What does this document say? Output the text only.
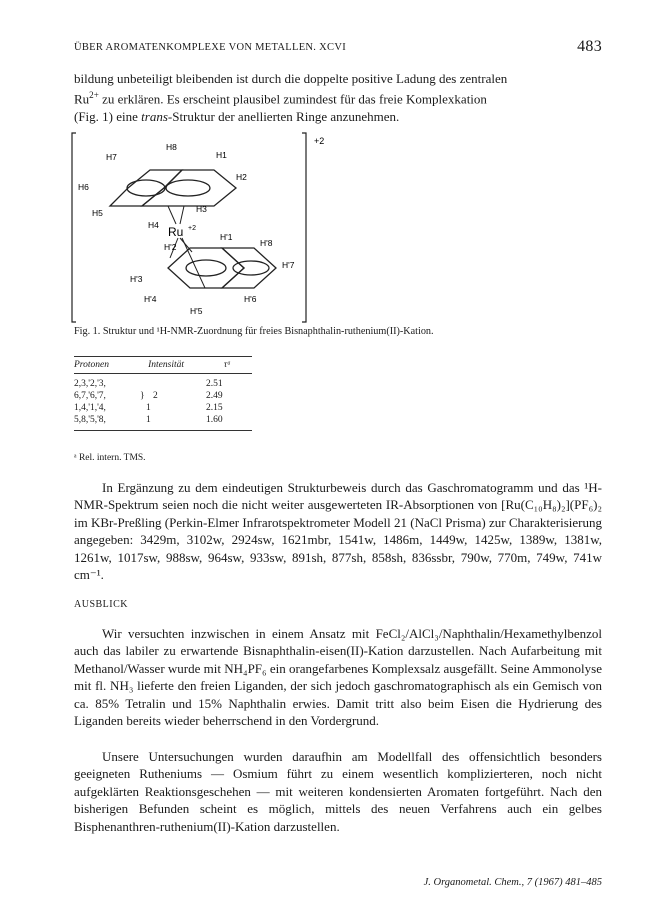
ÜBER AROMATENKOMPLEXE VON METALLEN. XCVI	483
bildung unbeteiligt bleibenden ist durch die doppelte positive Ladung des zentralen
$Ru^{2+}$ zu erklären. Es erscheint plausibel zumindest für das freie Komplexkation
(Fig. 1) eine trans-Struktur der anellierten Ringe anzunehmen.
+2
Ru +2
H8
H7	H1
H6
H2
H5
H4
H3
H'2
H'1
H'8
H'7
H'3
H'4	H'6
H'5
Fig. 1. Struktur und ¹H-NMR-Zuordnung für freies Bisnaphthalin-ruthenium(II)-Kation.
Protonen	Intensität	τᵃ
2,3,'2,'3,		2.51
6,7,'6,'7,	} 2	2.49
1,4,'1,'4,	1	2.15
5,8,'5,'8,	1	1.60
ᵃ Rel. intern. TMS.

In Ergänzung zu dem eindeutigen Strukturbeweis durch das Gaschromatogramm und das ¹H-NMR-Spektrum seien noch die nicht weiter ausgewerteten IR-Absorptionen von [Ru(C₁₀H₈)₂](PF₆)₂ im KBr-Preßling (Perkin-Elmer Infrarotspektrometer Modell 21 (NaCl Prisma) zur Charakterisierung angegeben: 3429m, 3102w, 2924sw, 1621mbr, 1541w, 1486m, 1449w, 1425w, 1389w, 1381w, 1261w, 1017sw, 988sw, 964sw, 933sw, 891sh, 877sh, 858sh, 836ssbr, 790w, 770m, 749w, 741w cm⁻¹.

AUSBLICK

Wir versuchten inzwischen in einem Ansatz mit FeCl₂/AlCl₃/Naphthalin/Hexamethylbenzol auch das labiler zu erwartende Bisnaphthalin-eisen(II)-Kation darzustellen. Nach Aufarbeitung mit Methanol/Wasser wurde mit NH₄PF₆ ein orangefarbenes Komplexsalz ausgefällt. Seine Ammonolyse mit fl. NH₃ lieferte den freien Liganden, der sich jedoch gaschromatographisch als ein Gemisch von ca. 85% Tetralin und 15% Naphthalin erwies. Damit tritt also beim Eisen die Hydrierung des Liganden bereits wieder beherrschend in den Vordergrund.

Unsere Untersuchungen wurden daraufhin am Modellfall des offensichtlich besonders geeigneten Rutheniums — Osmium führt zu einem wesentlich komplizierteren, noch nicht aufgeklärten Reaktionsgeschehen — mit weiteren kondensierten Aromaten fortgeführt. Nach den bisherigen Befunden scheint es möglich, mittels des neuen Verfahrens auch ein gelbes Bisphenanthren-ruthenium(II)-Kation darzustellen.

J. Organometal. Chem., 7 (1967) 481–485
